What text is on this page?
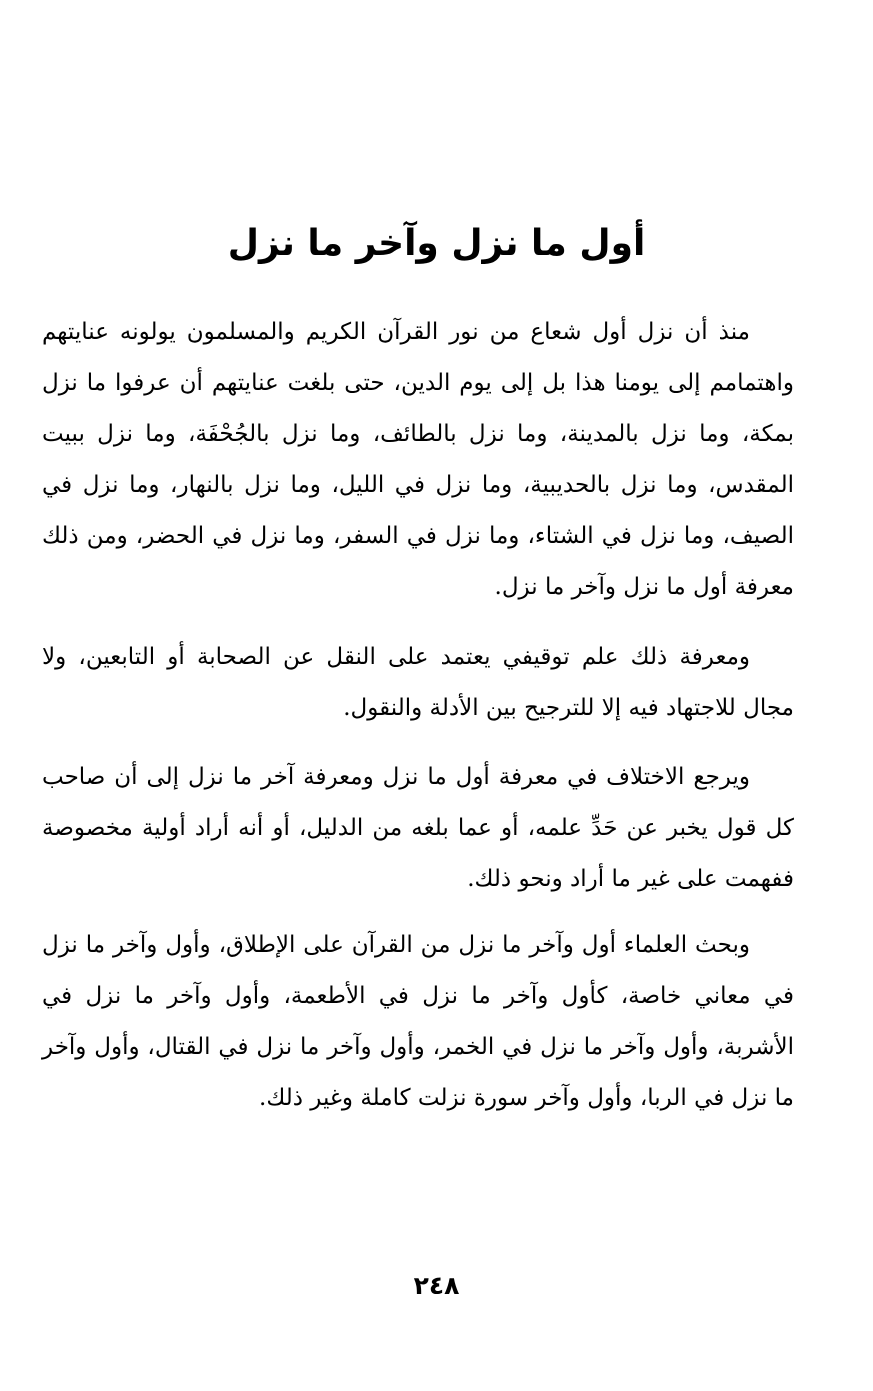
أول ما نزل وآخر ما نزل

منذ أن نزل أول شعاع من نور القرآن الكريم والمسلمون يولونه عنايتهم واهتمامم إلى يومنا هذا بل إلى يوم الدين، حتى بلغت عنايتهم أن عرفوا ما نزل بمكة، وما نزل بالمدينة، وما نزل بالطائف، وما نزل بالجُحْفَة، وما نزل ببيت المقدس، وما نزل بالحديبية، وما نزل في الليل، وما نزل بالنهار، وما نزل في الصيف، وما نزل في الشتاء، وما نزل في السفر، وما نزل في الحضر، ومن ذلك معرفة أول ما نزل وآخر ما نزل.

ومعرفة ذلك علم توقيفي يعتمد على النقل عن الصحابة أو التابعين، ولا مجال للاجتهاد فيه إلا للترجيح بين الأدلة والنقول.

ويرجع الاختلاف في معرفة أول ما نزل ومعرفة آخر ما نزل إلى أن صاحب كل قول يخبر عن حَدِّ علمه، أو عما بلغه من الدليل، أو أنه أراد أولية مخصوصة ففهمت على غير ما أراد ونحو ذلك.

وبحث العلماء أول وآخر ما نزل من القرآن على الإطلاق، وأول وآخر ما نزل في معاني خاصة، كأول وآخر ما نزل في الأطعمة، وأول وآخر ما نزل في الأشربة، وأول وآخر ما نزل في الخمر، وأول وآخر ما نزل في القتال، وأول وآخر ما نزل في الربا، وأول وآخر سورة نزلت كاملة وغير ذلك.

٢٤٨
